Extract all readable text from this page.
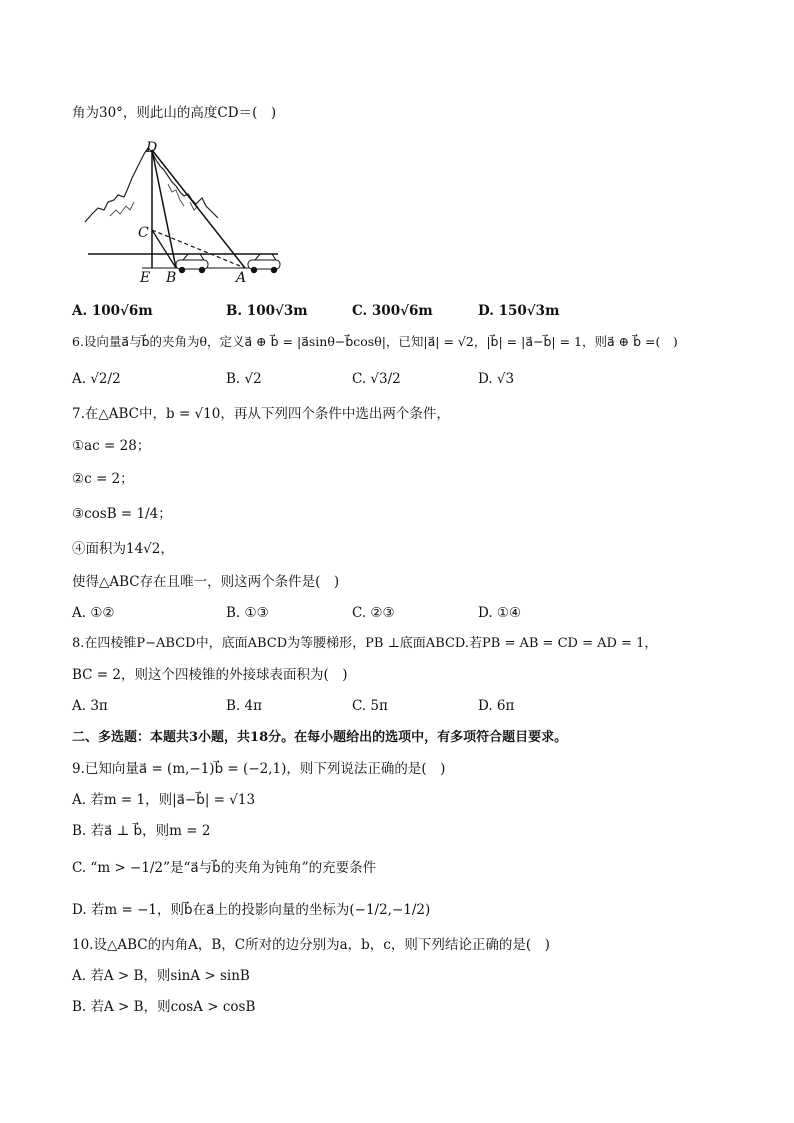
角为30°，则此山的高度CD＝(　)
D
C
E B	A
A. 100√6m	B. 100√3m	C. 300√6m	D. 150√3m
6.设向量a⃗与b⃗的夹角为θ，定义a⃗ ⊕ b⃗ = |a⃗sinθ−b⃗cosθ|，已知|a⃗| = √2，|b⃗| = |a⃗−b⃗| = 1，则a⃗ ⊕ b⃗ =(　)
A. √2/2	B. √2	C. √3/2	D. √3
7.在△ABC中，b = √10，再从下列四个条件中选出两个条件，
①ac = 28；
②c = 2；
③cosB = 1/4；
④面积为14√2，
使得△ABC存在且唯一，则这两个条件是(　)
A. ①②	B. ①③	C. ②③	D. ①④
8.在四棱锥P−ABCD中，底面ABCD为等腰梯形，PB ⊥底面ABCD.若PB = AB = CD = AD = 1，
BC = 2，则这个四棱锥的外接球表面积为(　)
A. 3π	B. 4π	C. 5π	D. 6π
二、多选题：本题共3小题，共18分。在每小题给出的选项中，有多项符合题目要求。
9.已知向量a⃗ = (m,−1)b⃗ = (−2,1)，则下列说法正确的是(　)
A. 若m = 1，则|a⃗−b⃗| = √13
B. 若a⃗ ⊥ b⃗，则m = 2
C. “m > −1/2”是“a⃗与b⃗的夹角为钝角”的充要条件
D. 若m = −1，则b⃗在a⃗上的投影向量的坐标为(−1/2,−1/2)
10.设△ABC的内角A，B，C所对的边分别为a，b，c，则下列结论正确的是(　)
A. 若A > B，则sinA > sinB
B. 若A > B，则cosA > cosB
